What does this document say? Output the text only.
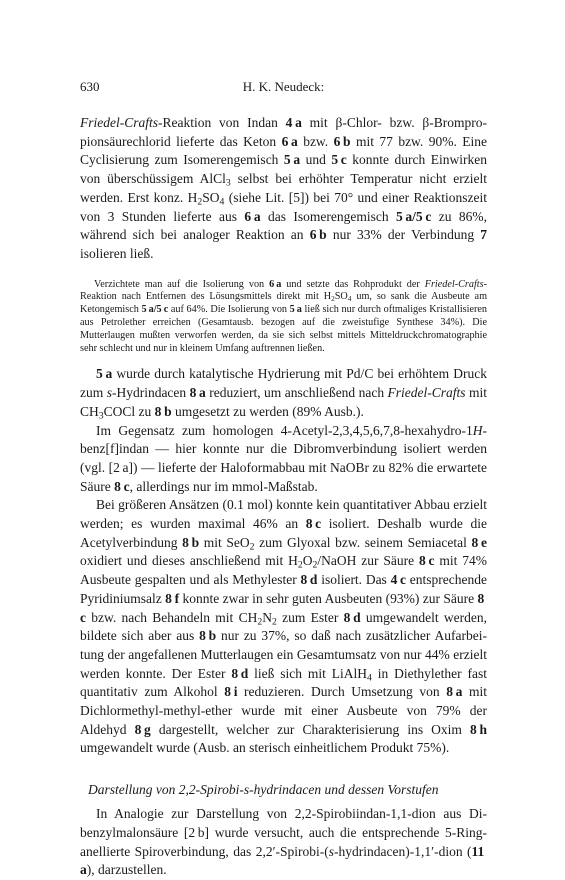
630	H. K. Neudeck:

Friedel-Crafts-Reaktion von Indan 4 a mit β-Chlor- bzw. β-Brompropionsäurechlorid lieferte das Keton 6 a bzw. 6 b mit 77 bzw. 90%. Eine Cyclisierung zum Isomerengemisch 5 a und 5 c konnte durch Einwirken von überschüssigem AlCl$_3$ selbst bei erhöhter Temperatur nicht erzielt werden. Erst konz. $H_2SO_4$ (siehe Lit. [5]) bei 70° und einer Reaktionszeit von 3 Stunden lieferte aus 6 a das Isomerengemisch 5 a/5 c zu 86%, während sich bei analoger Reaktion an 6 b nur 33% der Verbindung 7 isolieren ließ.

Verzichtete man auf die Isolierung von 6 a und setzte das Rohprodukt der Friedel-Crafts-Reaktion nach Entfernen des Lösungsmittels direkt mit $H_2SO_4$ um, so sank die Ausbeute am Ketongemisch 5 a/5 c auf 64%. Die Isolierung von 5 a ließ sich nur durch oftmaliges Kristallisieren aus Petrolether erreichen (Gesamtausb. bezogen auf die zweistufige Synthese 34%). Die Mutterlaugen mußten verworfen werden, da sie sich selbst mittels Mitteldruckchromatographie sehr schlecht und nur in kleinem Umfang auftrennen ließen.

5 a wurde durch katalytische Hydrierung mit Pd/C bei erhöhtem Druck zum s-Hydrindacen 8 a reduziert, um anschließend nach Friedel-Crafts mit $CH_3COCl$ zu 8 b umgesetzt zu werden (89% Ausb.).

Im Gegensatz zum homologen 4-Acetyl-2,3,4,5,6,7,8-hexahydro-1H-benz[f]indan — hier konnte nur die Dibromverbindung isoliert werden (vgl. [2 a]) — lieferte der Haloformabbau mit NaOBr zu 82% die erwartete Säure 8 c, allerdings nur im mmol-Maßstab.

Bei größeren Ansätzen (0.1 mol) konnte kein quantitativer Abbau erzielt werden; es wurden maximal 46% an 8 c isoliert. Deshalb wurde die Acetylverbindung 8 b mit SeO$_2$ zum Glyoxal bzw. seinem Semiacetal 8 e oxidiert und dieses anschließend mit $H_2O_2$/NaOH zur Säure 8 c mit 74% Ausbeute gespalten und als Methylester 8 d isoliert. Das 4 c entsprechende Pyridiniumsalz 8 f konnte zwar in sehr guten Ausbeuten (93%) zur Säure 8 c bzw. nach Behandeln mit $CH_2N_2$ zum Ester 8 d umgewandelt werden, bildete sich aber aus 8 b nur zu 37%, so daß nach zusätzlicher Aufarbeitung der angefallenen Mutterlaugen ein Gesamtumsatz von nur 44% erzielt werden konnte. Der Ester 8 d ließ sich mit LiAlH$_4$ in Diethylether fast quantitativ zum Alkohol 8 i reduzieren. Durch Umsetzung von 8 a mit Dichlormethyl-methyl-ether wurde mit einer Ausbeute von 79% der Aldehyd 8 g dargestellt, welcher zur Charakterisierung ins Oxim 8 h umgewandelt wurde (Ausb. an sterisch einheitlichem Produkt 75%).

Darstellung von 2,2-Spirobi-s-hydrindacen und dessen Vorstufen

In Analogie zur Darstellung von 2,2-Spirobiindan-1,1-dion aus Dibenzylmalonsäure [2 b] wurde versucht, auch die entsprechende 5-Ring-anellierte Spiroverbindung, das 2,2′-Spirobi-(s-hydrindacen)-1,1′-dion (11 a), darzustellen.
